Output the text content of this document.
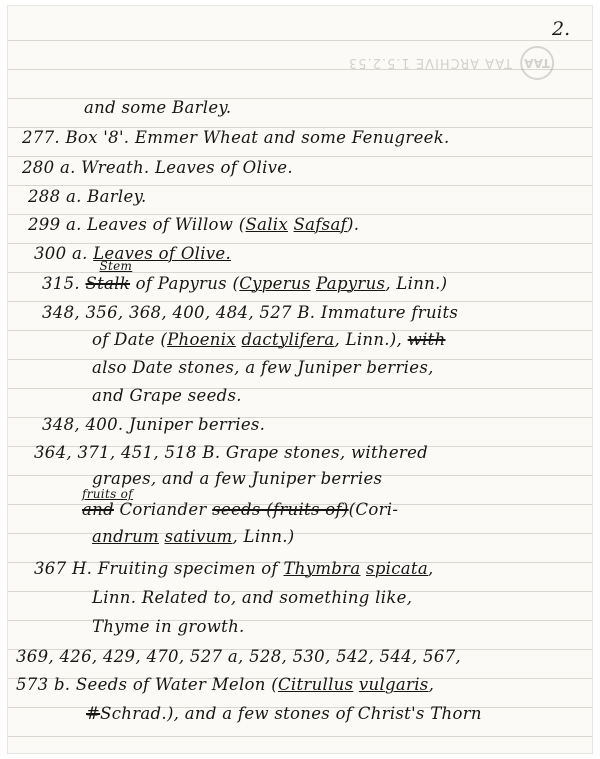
2.
TAA
TAA ARCHIVE 1.5.2.53
and some Barley.
277. Box '8'. Emmer Wheat and some Fenugreek.
280 a. Wreath. Leaves of Olive.
288 a. Barley.
299 a. Leaves of Willow (Salix Safsaf).
300 a. Leaves of Olive.
315.
Stem
Stalk of Papyrus (Cyperus Papyrus, Linn.)
348, 356, 368, 400, 484, 527 B. Immature fruits
of Date (Phoenix dactylifera, Linn.), with
also Date stones, a few Juniper berries,
and Grape seeds.
348, 400. Juniper berries.
364, 371, 451, 518 B. Grape stones, withered
grapes, and a few Juniper berries
fruits of
and Coriander seeds (fruits of)(Cori-
andrum sativum, Linn.)
367 H. Fruiting specimen of Thymbra spicata,
Linn. Related to, and something like,
Thyme in growth.
369, 426, 429, 470, 527 a, 528, 530, 542, 544, 567,
573 b. Seeds of Water Melon (Citrullus vulgaris,
#Schrad.), and a few stones of Christ's Thorn
